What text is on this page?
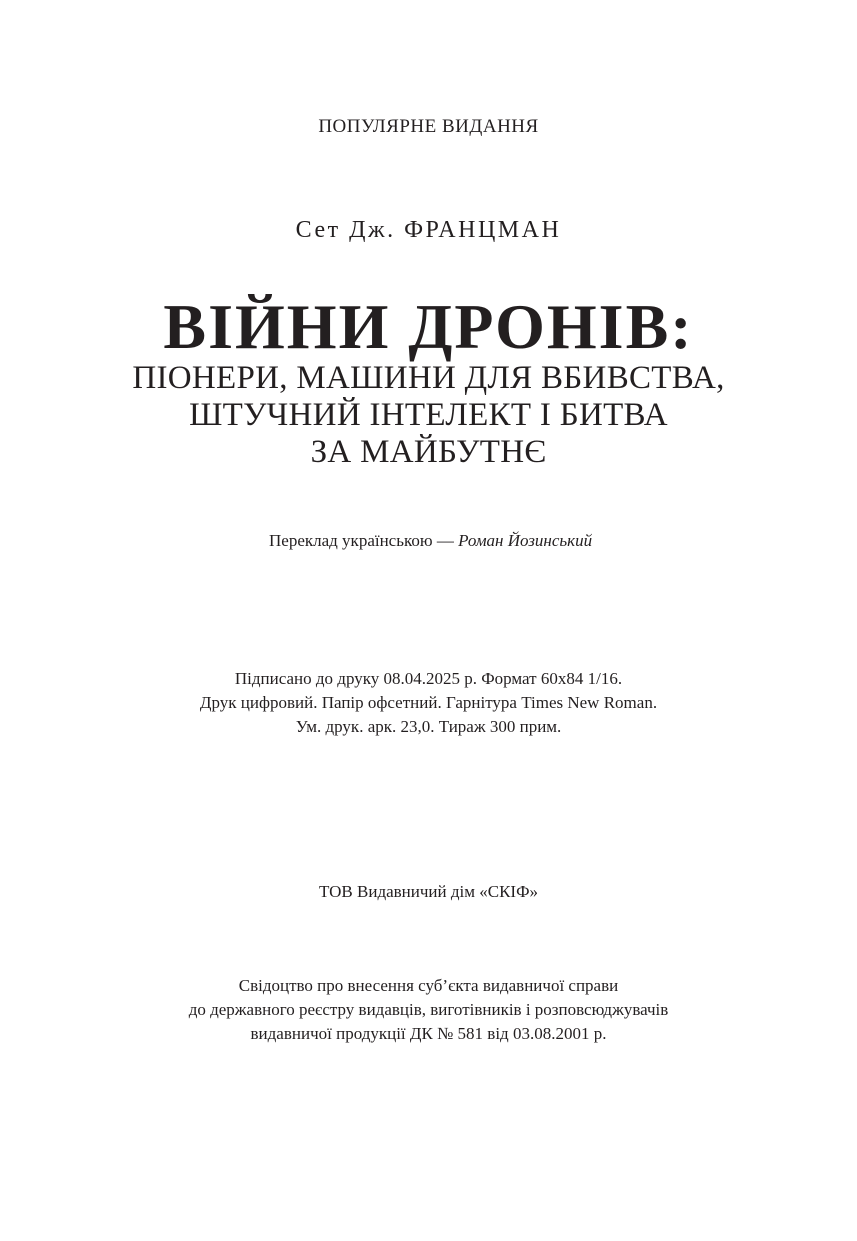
ПОПУЛЯРНЕ ВИДАННЯ
Сет Дж. ФРАНЦМАН
ВІЙНИ ДРОНІВ:
ПІОНЕРИ, МАШИНИ ДЛЯ ВБИВСТВА,
ШТУЧНИЙ ІНТЕЛЕКТ І БИТВА
ЗА МАЙБУТНЄ
Переклад українською — Роман Йозинський
Підписано до друку 08.04.2025 р. Формат 60х84 1/16.
Друк цифровий. Папір офсетний. Гарнітура Times New Roman.
Ум. друк. арк. 23,0. Тираж 300 прим.
ТОВ Видавничий дім «СКІФ»
Свідоцтво про внесення суб’єкта видавничої справи
до державного реєстру видавців, виготівників і розповсюджувачів
видавничої продукції ДК № 581 від 03.08.2001 р.
